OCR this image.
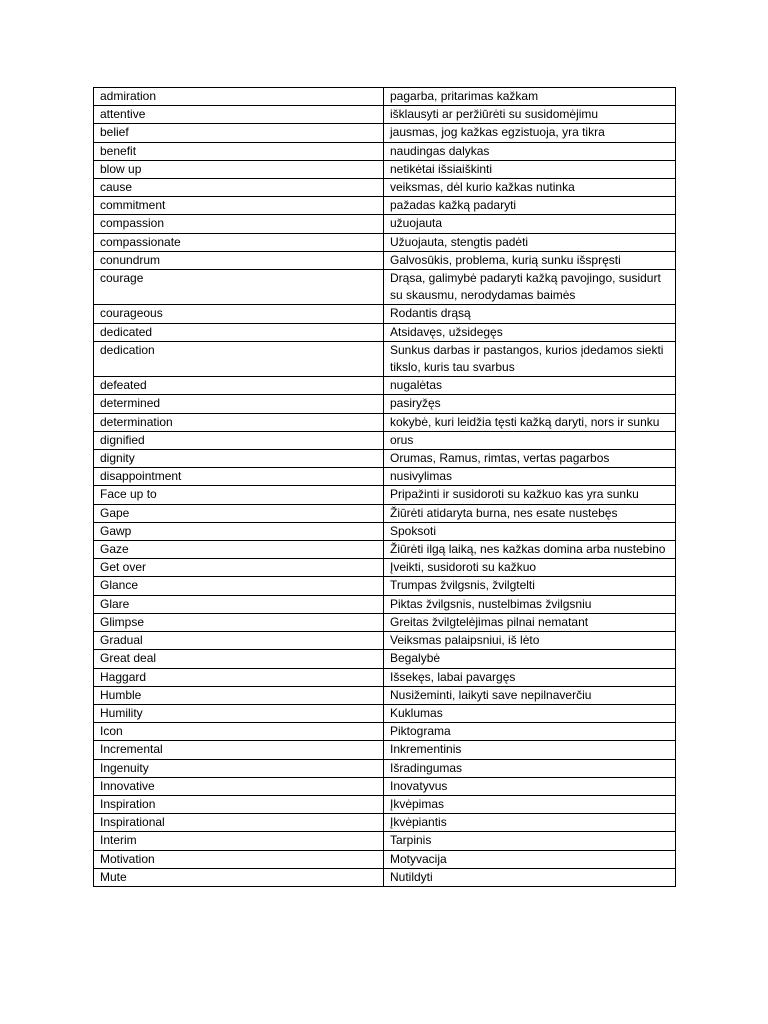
admiration	pagarba, pritarimas kažkam
attentive	išklausyti ar peržiūrėti su susidomėjimu
belief	jausmas, jog kažkas egzistuoja, yra tikra
benefit	naudingas dalykas
blow up	netikėtai išsiaiškinti
cause	veiksmas, dėl kurio kažkas nutinka
commitment	pažadas kažką padaryti
compassion	užuojauta
compassionate	Užuojauta, stengtis padėti
conundrum	Galvosūkis, problema, kurią sunku išspręsti
courage	Drąsa, galimybė padaryti kažką pavojingo, susidurt su skausmu, nerodydamas baimės
courageous	Rodantis drąsą
dedicated	Atsidavęs, užsidegęs
dedication	Sunkus darbas ir pastangos, kurios įdedamos siekti tikslo, kuris tau svarbus
defeated	nugalėtas
determined	pasiryžęs
determination	kokybė, kuri leidžia tęsti kažką daryti, nors ir sunku
dignified	orus
dignity	Orumas, Ramus, rimtas, vertas pagarbos
disappointment	nusivylimas
Face up to	Pripažinti ir susidoroti su kažkuo kas yra sunku
Gape	Žiūrėti atidaryta burna, nes esate nustebęs
Gawp	Spoksoti
Gaze	Žiūrėti ilgą laiką, nes kažkas domina arba nustebino
Get over	Įveikti, susidoroti su kažkuo
Glance	Trumpas žvilgsnis, žvilgtelti
Glare	Piktas žvilgsnis, nustelbimas žvilgsniu
Glimpse	Greitas žvilgtelėjimas pilnai nematant
Gradual	Veiksmas palaipsniui, iš lėto
Great deal	Begalybė
Haggard	Išsekęs, labai pavargęs
Humble	Nusižeminti, laikyti save nepilnaverčiu
Humility	Kuklumas
Icon	Piktograma
Incremental	Inkrementinis
Ingenuity	Išradingumas
Innovative	Inovatyvus
Inspiration	Įkvėpimas
Inspirational	Įkvėpiantis
Interim	Tarpinis
Motivation	Motyvacija
Mute	Nutildyti
